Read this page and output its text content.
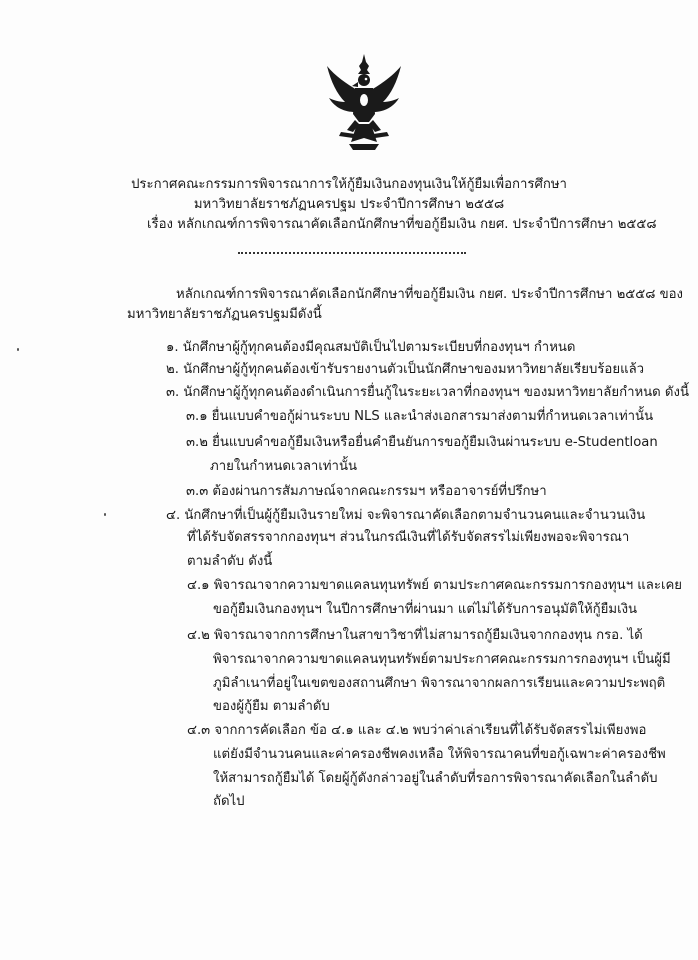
ประกาศคณะกรรมการพิจารณาการให้กู้ยืมเงินกองทุนเงินให้กู้ยืมเพื่อการศึกษา
มหาวิทยาลัยราชภัฏนครปฐม ประจำปีการศึกษา ๒๕๕๘
เรื่อง หลักเกณฑ์การพิจารณาคัดเลือกนักศึกษาที่ขอกู้ยืมเงิน กยศ. ประจำปีการศึกษา ๒๕๕๘
หลักเกณฑ์การพิจารณาคัดเลือกนักศึกษาที่ขอกู้ยืมเงิน กยศ. ประจำปีการศึกษา ๒๕๕๘ ของ
มหาวิทยาลัยราชภัฏนครปฐมมีดังนี้
๑. นักศึกษาผู้กู้ทุกคนต้องมีคุณสมบัติเป็นไปตามระเบียบที่กองทุนฯ กำหนด
๒. นักศึกษาผู้กู้ทุกคนต้องเข้ารับรายงานตัวเป็นนักศึกษาของมหาวิทยาลัยเรียบร้อยแล้ว
๓. นักศึกษาผู้กู้ทุกคนต้องดำเนินการยื่นกู้ในระยะเวลาที่กองทุนฯ ของมหาวิทยาลัยกำหนด ดังนี้
๓.๑ ยื่นแบบคำขอกู้ผ่านระบบ NLS และนำส่งเอกสารมาส่งตามที่กำหนดเวลาเท่านั้น
๓.๒ ยื่นแบบคำขอกู้ยืมเงินหรือยื่นคำยืนยันการขอกู้ยืมเงินผ่านระบบ e-Studentloan
ภายในกำหนดเวลาเท่านั้น
๓.๓ ต้องผ่านการสัมภาษณ์จากคณะกรรมฯ หรืออาจารย์ที่ปรึกษา
๔. นักศึกษาที่เป็นผู้กู้ยืมเงินรายใหม่ จะพิจารณาคัดเลือกตามจำนวนคนและจำนวนเงิน
ที่ได้รับจัดสรรจากกองทุนฯ ส่วนในกรณีเงินที่ได้รับจัดสรรไม่เพียงพอจะพิจารณา
ตามลำดับ ดังนี้
๔.๑ พิจารณาจากความขาดแคลนทุนทรัพย์ ตามประกาศคณะกรรมการกองทุนฯ และเคย
ขอกู้ยืมเงินกองทุนฯ ในปีการศึกษาที่ผ่านมา แต่ไม่ได้รับการอนุมัติให้กู้ยืมเงิน
๔.๒ พิจารณาจากการศึกษาในสาขาวิชาที่ไม่สามารถกู้ยืมเงินจากกองทุน กรอ. ได้
พิจารณาจากความขาดแคลนทุนทรัพย์ตามประกาศคณะกรรมการกองทุนฯ เป็นผู้มี
ภูมิลำเนาที่อยู่ในเขตของสถานศึกษา พิจารณาจากผลการเรียนและความประพฤติ
ของผู้กู้ยืม ตามลำดับ
๔.๓ จากการคัดเลือก ข้อ ๔.๑ และ ๔.๒ พบว่าค่าเล่าเรียนที่ได้รับจัดสรรไม่เพียงพอ
แต่ยังมีจำนวนคนและค่าครองชีพคงเหลือ ให้พิจารณาคนที่ขอกู้เฉพาะค่าครองชีพ
ให้สามารถกู้ยืมได้ โดยผู้กู้ดังกล่าวอยู่ในลำดับที่รอการพิจารณาคัดเลือกในลำดับ
ถัดไป
